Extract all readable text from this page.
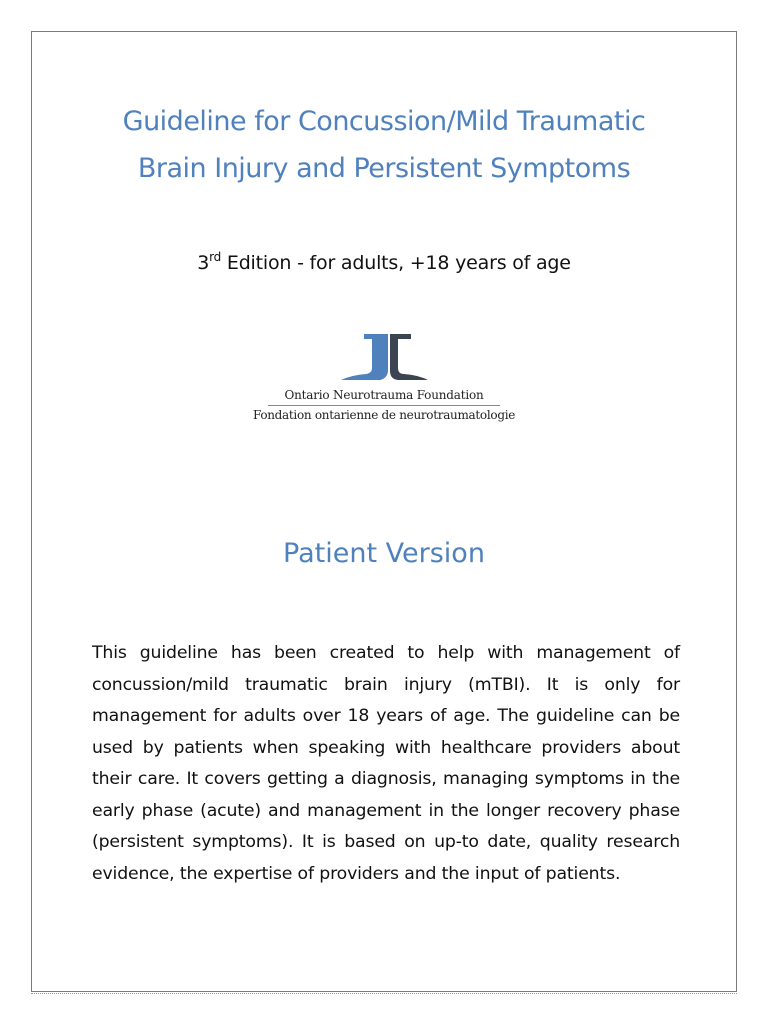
Guideline for Concussion/Mild Traumatic
Brain Injury and Persistent Symptoms
3rd Edition - for adults, +18 years of age
Ontario Neurotrauma Foundation
Fondation ontarienne de neurotraumatologie
Patient Version

This guideline has been created to help with management of concussion/mild traumatic brain injury (mTBI). It is only for management for adults over 18 years of age. The guideline can be used by patients when speaking with healthcare providers about their care. It covers getting a diagnosis, managing symptoms in the early phase (acute) and management in the longer recovery phase (persistent symptoms). It is based on up-to date, quality research evidence, the expertise of providers and the input of patients.
